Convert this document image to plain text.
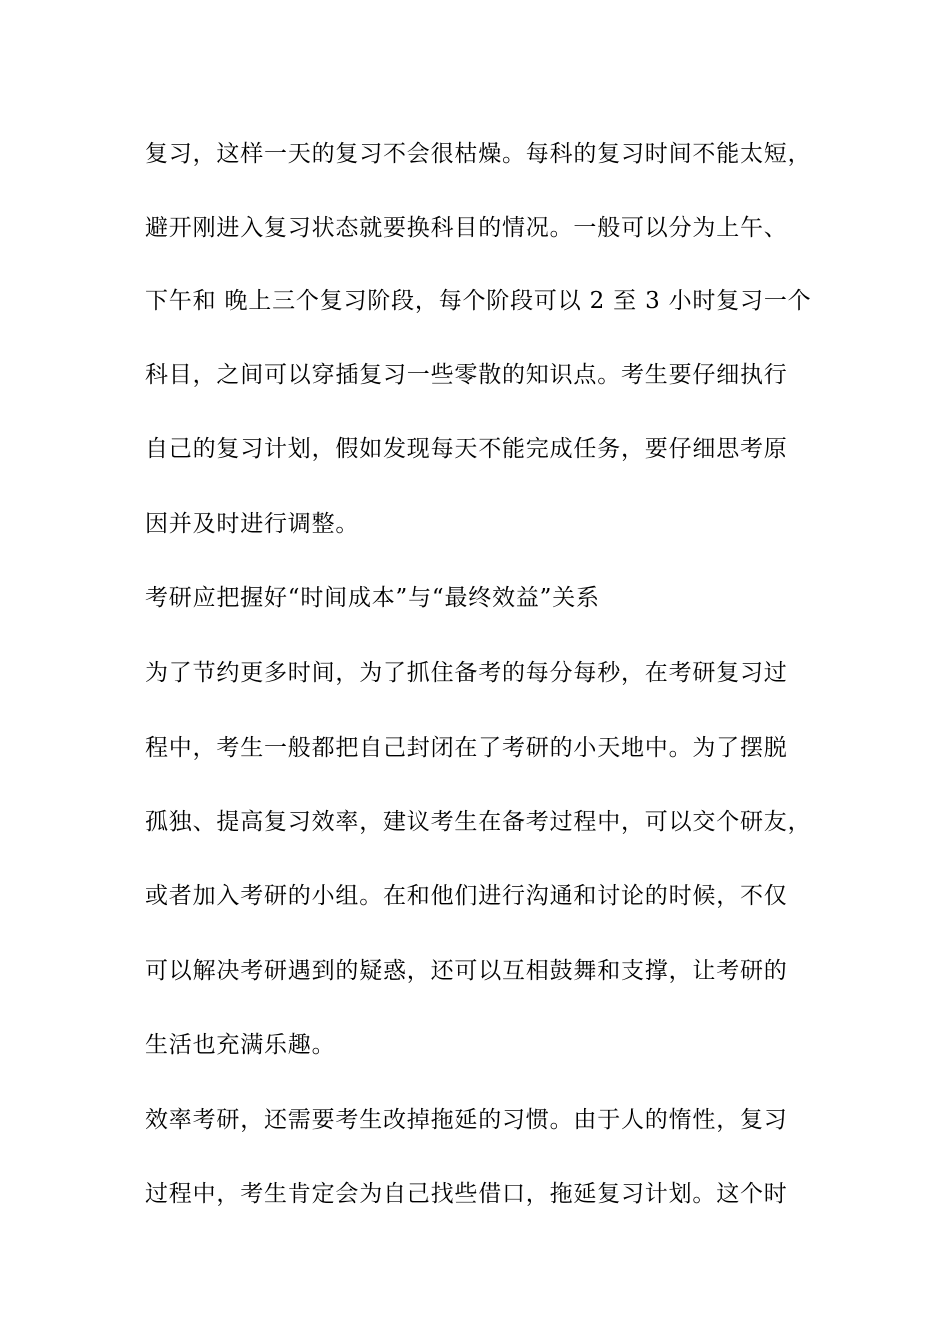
复习，这样一天的复习不会很枯燥。每科的复习时间不能太短，
避开刚进入复习状态就要换科目的情况。一般可以分为上午、
下午和 晚上三个复习阶段，每个阶段可以 2 至 3 小时复习一个
科目，之间可以穿插复习一些零散的知识点。考生要仔细执行
自己的复习计划，假如发现每天不能完成任务，要仔细思考原
因并及时进行调整。
考研应把握好“时间成本”与“最终效益”关系
为了节约更多时间，为了抓住备考的每分每秒，在考研复习过
程中，考生一般都把自己封闭在了考研的小天地中。为了摆脱
孤独、提高复习效率，建议考生在备考过程中，可以交个研友，
或者加入考研的小组。在和他们进行沟通和讨论的时候，不仅
可以解决考研遇到的疑惑，还可以互相鼓舞和支撑，让考研的
生活也充满乐趣。
效率考研，还需要考生改掉拖延的习惯。由于人的惰性，复习
过程中，考生肯定会为自己找些借口，拖延复习计划。这个时
